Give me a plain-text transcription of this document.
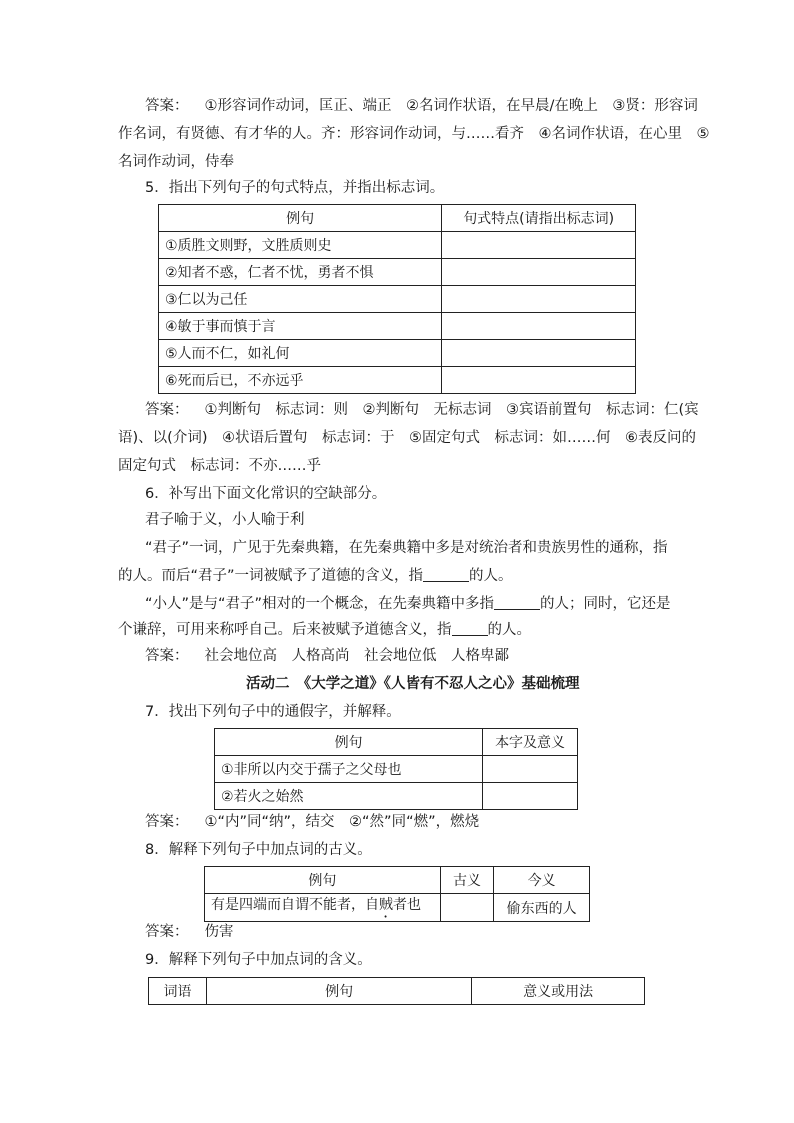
答案： ①形容词作动词，匡正、端正　②名词作状语，在早晨/在晚上　③贤：形容词
作名词，有贤德、有才华的人。齐：形容词作动词，与……看齐　④名词作状语，在心里　⑤
名词作动词，侍奉
5．指出下列句子的句式特点，并指出标志词。
例句	句式特点(请指出标志词)
①质胜文则野，文胜质则史	
②知者不惑，仁者不忧，勇者不惧	
③仁以为己任	
④敏于事而慎于言	
⑤人而不仁，如礼何	
⑥死而后已，不亦远乎	
答案： ①判断句　标志词：则　②判断句　无标志词　③宾语前置句　标志词：仁(宾
语)、以(介词)　④状语后置句　标志词：于　⑤固定句式　标志词：如……何　⑥表反问的
固定句式　标志词：不亦……乎
6．补写出下面文化常识的空缺部分。
君子喻于义，小人喻于利
“君子”一词，广见于先秦典籍，在先秦典籍中多是对统治者和贵族男性的通称，指
的人。而后“君子”一词被赋予了道德的含义，指	的人。
“小人”是与“君子”相对的一个概念，在先秦典籍中多指	的人；同时，它还是
个谦辞，可用来称呼自己。后来被赋予道德含义，指 的人。
答案： 社会地位高　人格高尚　社会地位低　人格卑鄙
活动二　《大学之道》《人皆有不忍人之心》基础梳理
7．找出下列句子中的通假字，并解释。
例句	本字及意义
①非所以内交于孺子之父母也	
②若火之始然	
答案： ①“内”同“纳”，结交　②“然”同“燃”，燃烧
8．解释下列句子中加点词的古义。
例句	古义	今义
有是四端而自谓不能者，自贼者也		偷东西的人
答案： 伤害
9．解释下列句子中加点词的含义。
词语	例句	意义或用法
